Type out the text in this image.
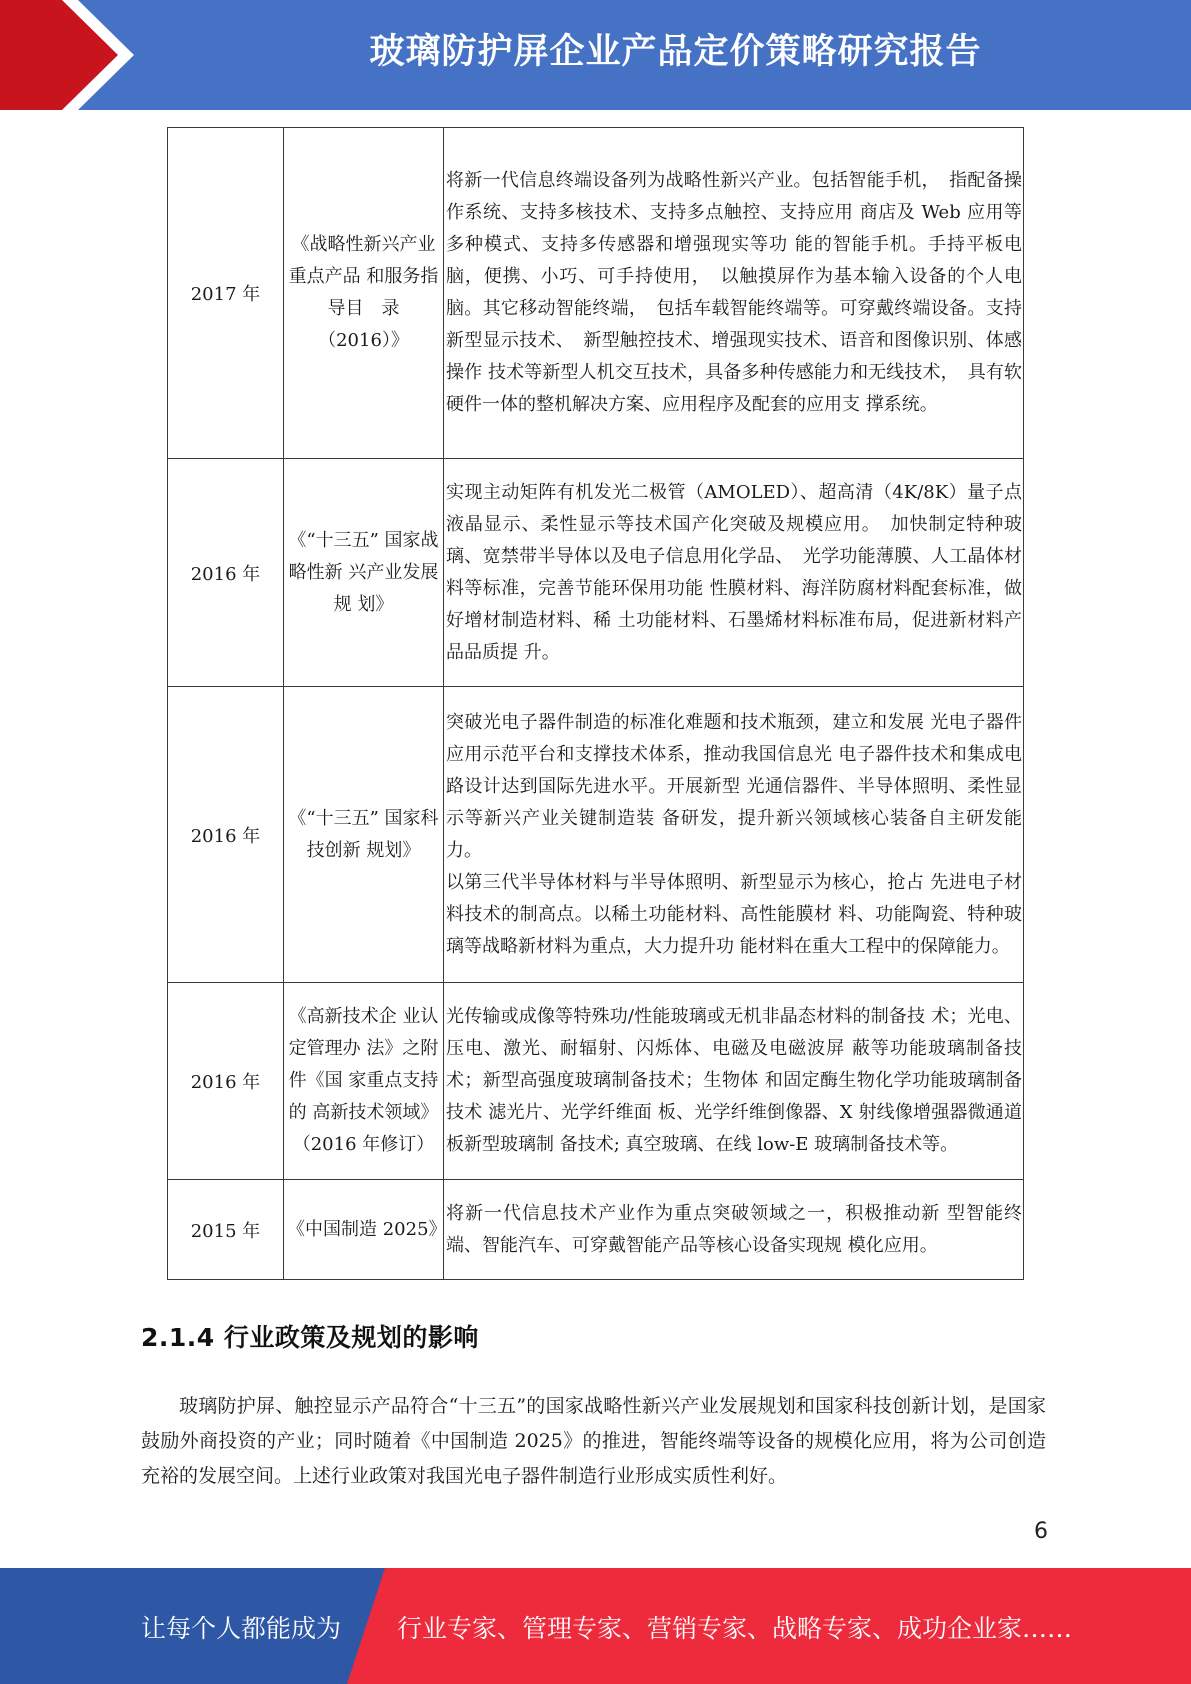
玻璃防护屏企业产品定价策略研究报告
2017 年	《战略性新兴产业重点产品 和服务指导目　录（2016）》	将新一代信息终端设备列为战略性新兴产业。包括智能手机，　指配备操作系统、支持多核技术、支持多点触控、支持应用 商店及 Web 应用等多种模式、支持多传感器和增强现实等功 能的智能手机。手持平板电脑，便携、小巧、可手持使用，　以触摸屏作为基本输入设备的个人电脑。其它移动智能终端，　包括车载智能终端等。可穿戴终端设备。支持新型显示技术、　新型触控技术、增强现实技术、语音和图像识别、体感操作 技术等新型人机交互技术，具备多种传感能力和无线技术，　具有软硬件一体的整机解决方案、应用程序及配套的应用支 撑系统。

2016 年	《“十三五” 国家战略性新 兴产业发展规 划》	实现主动矩阵有机发光二极管（AMOLED）、超高清（4K/8K）量子点液晶显示、柔性显示等技术国产化突破及规模应用。　加快制定特种玻璃、宽禁带半导体以及电子信息用化学品、　光学功能薄膜、人工晶体材料等标准，完善节能环保用功能 性膜材料、海洋防腐材料配套标准，做好增材制造材料、稀 土功能材料、石墨烯材料标准布局，促进新材料产品品质提 升。

2016 年	《“十三五” 国家科技创新 规划》	突破光电子器件制造的标准化难题和技术瓶颈，建立和发展 光电子器件应用示范平台和支撑技术体系，推动我国信息光 电子器件技术和集成电路设计达到国际先进水平。开展新型 光通信器件、半导体照明、柔性显示等新兴产业关键制造装 备研发，提升新兴领域核心装备自主研发能力。
以第三代半导体材料与半导体照明、新型显示为核心，抢占 先进电子材料技术的制高点。以稀土功能材料、高性能膜材 料、功能陶瓷、特种玻璃等战略新材料为重点，大力提升功 能材料在重大工程中的保障能力。

2016 年	《高新技术企 业认定管理办 法》之附件《国 家重点支持的 高新技术领域》（2016 年修订）	光传输或成像等特殊功/性能玻璃或无机非晶态材料的制备技 术；光电、压电、激光、耐辐射、闪烁体、电磁及电磁波屏 蔽等功能玻璃制备技术；新型高强度玻璃制备技术；生物体 和固定酶生物化学功能玻璃制备技术 滤光片、光学纤维面 板、光学纤维倒像器、X 射线像增强器微通道板新型玻璃制 备技术; 真空玻璃、在线 low-E 玻璃制备技术等。

2015 年	《中国制造 2025》	将新一代信息技术产业作为重点突破领域之一，积极推动新 型智能终端、智能汽车、可穿戴智能产品等核心设备实现规 模化应用。
2.1.4 行业政策及规划的影响

玻璃防护屏、触控显示产品符合“十三五”的国家战略性新兴产业发展规划和国家科技创新计划，是国家鼓励外商投资的产业；同时随着《中国制造 2025》的推进，智能终端等设备的规模化应用，将为公司创造充裕的发展空间。上述行业政策对我国光电子器件制造行业形成实质性利好。

6
让每个人都能成为 行业专家、管理专家、营销专家、战略专家、成功企业家……
